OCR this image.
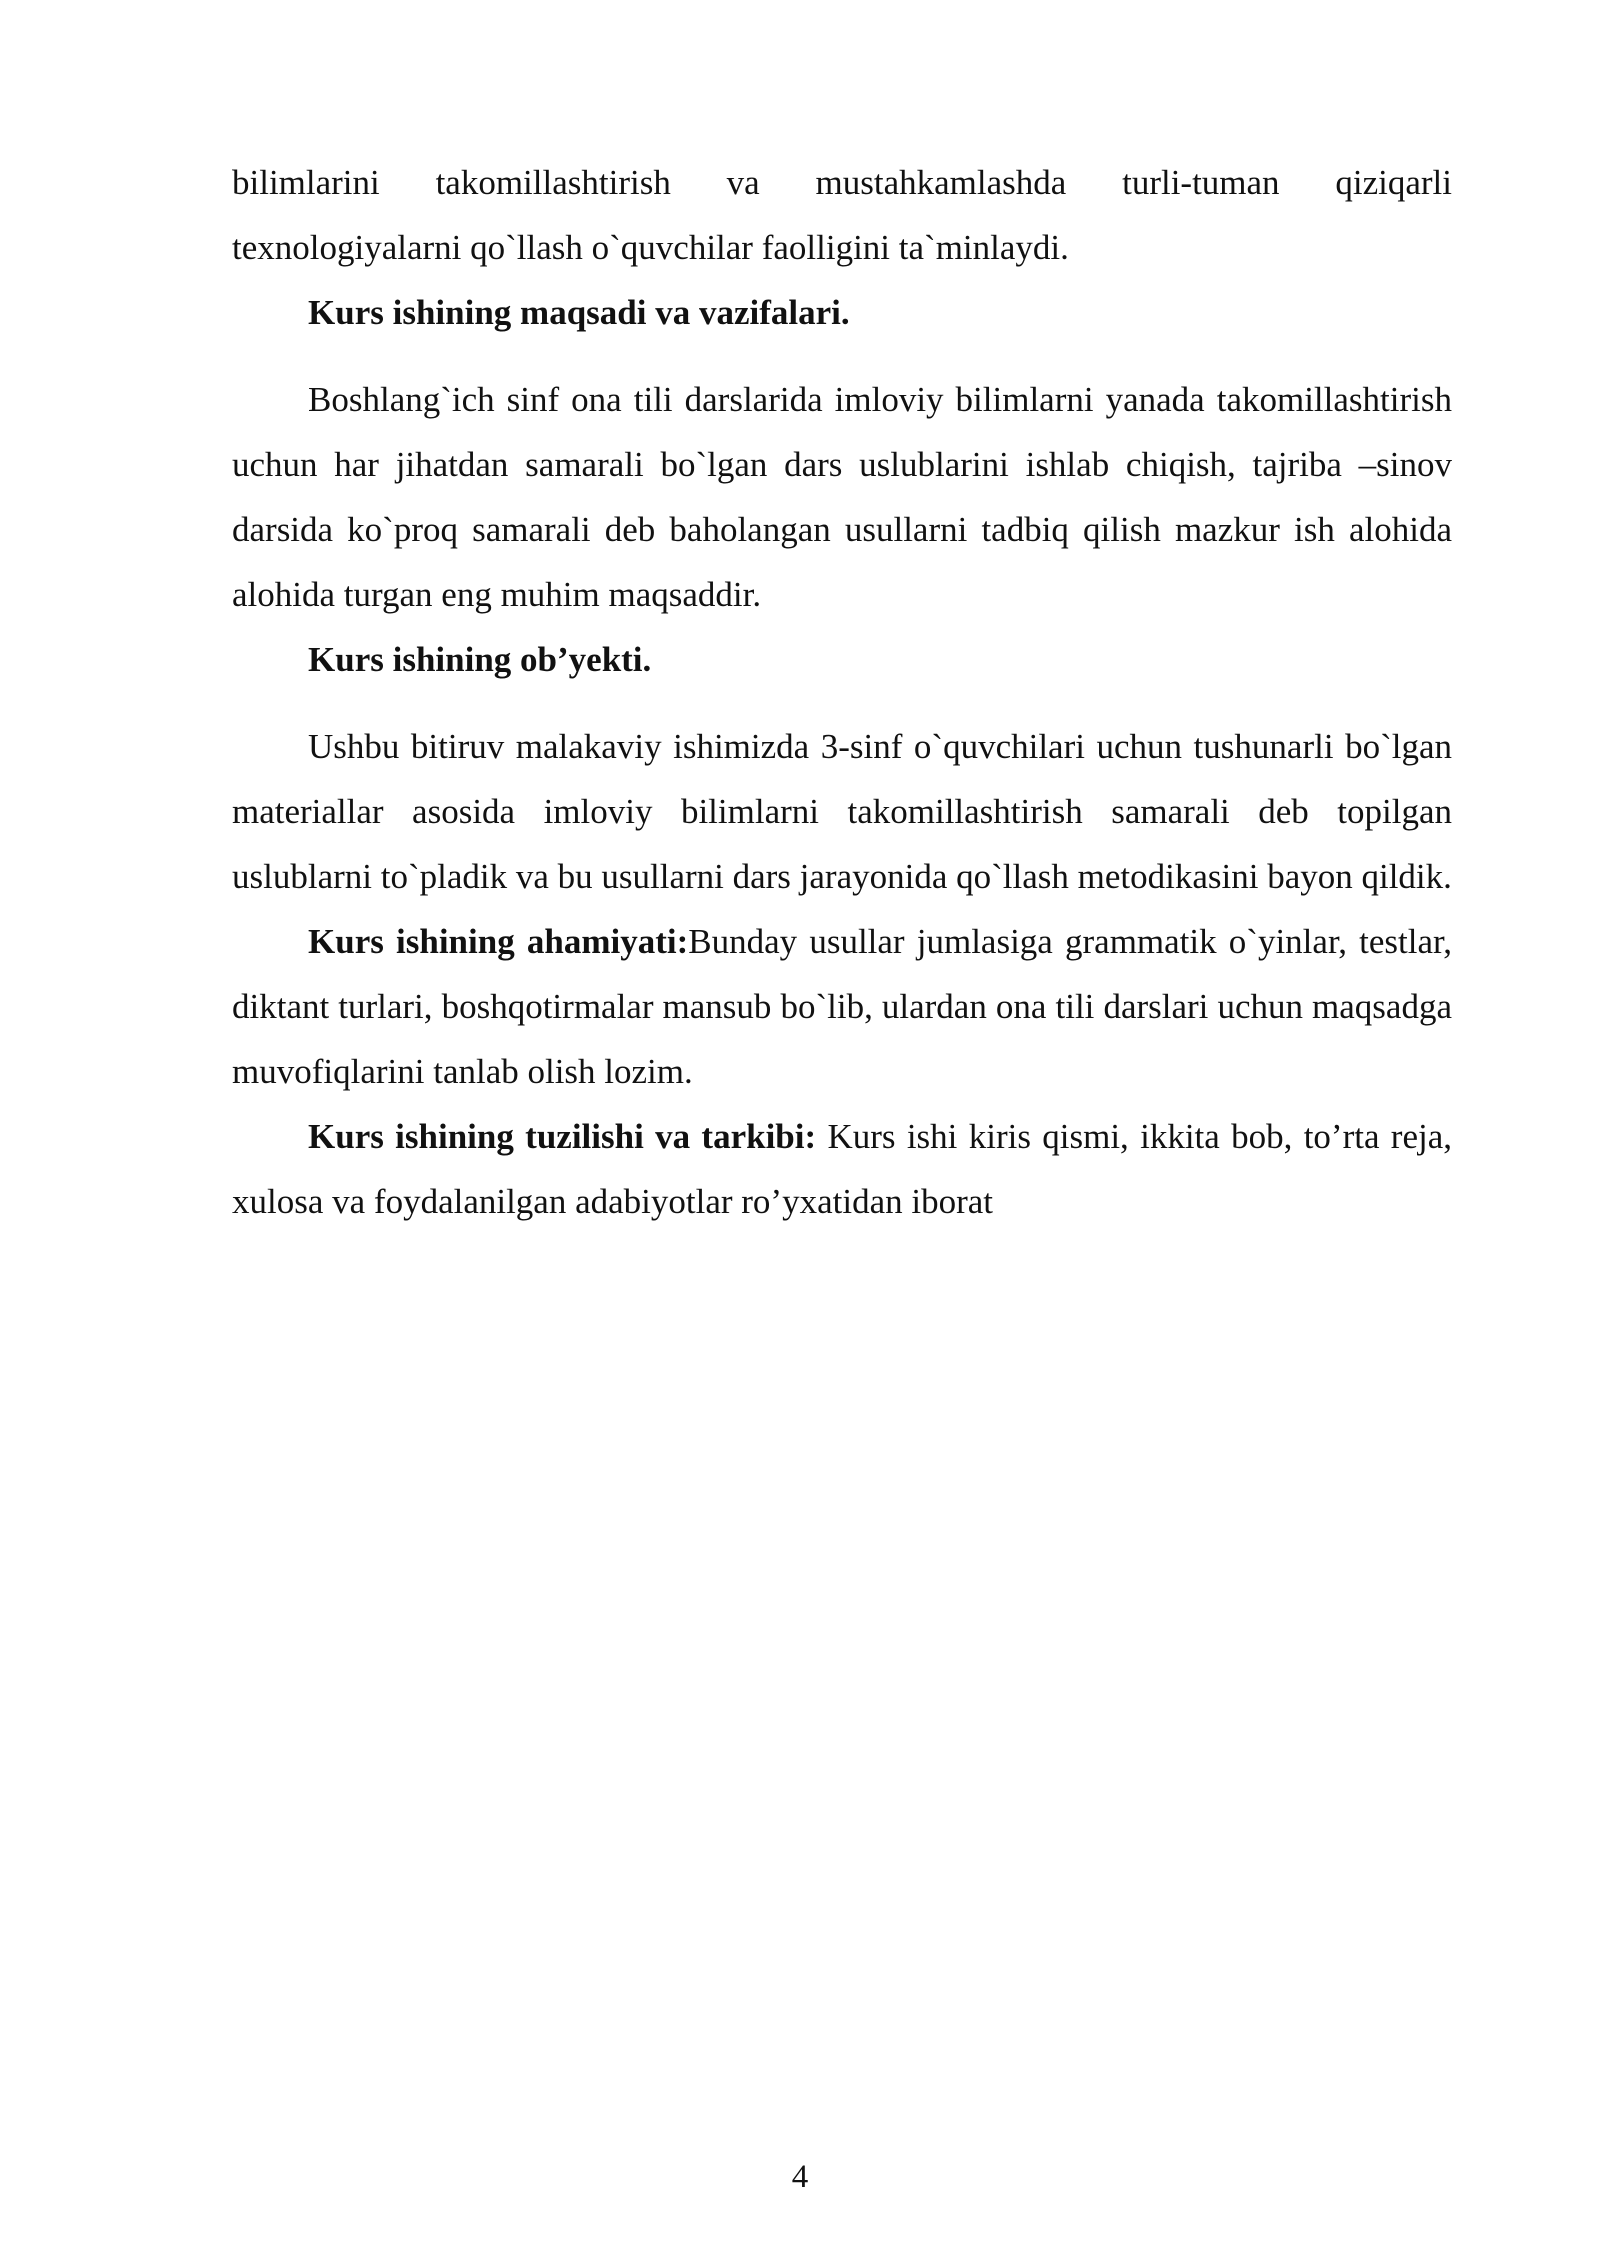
bilimlarini takomillashtirish va mustahkamlashda turli-tuman qiziqarli texnologiyalarni qo`llash o`quvchilar faolligini ta`minlaydi.

Kurs ishining maqsadi va vazifalari.

Boshlang`ich sinf ona tili darslarida imloviy bilimlarni yanada takomillashtirish uchun har jihatdan samarali bo`lgan dars uslublarini ishlab chiqish, tajriba –sinov darsida ko`proq samarali deb baholangan usullarni tadbiq qilish mazkur ish alohida alohida turgan eng muhim maqsaddir.

Kurs ishining ob’yekti.

Ushbu bitiruv malakaviy ishimizda 3-sinf o`quvchilari uchun tushunarli bo`lgan materiallar asosida imloviy bilimlarni takomillashtirish samarali deb topilgan uslublarni to`pladik va bu usullarni dars jarayonida qo`llash metodikasini bayon qildik.

Kurs ishining ahamiyati:Bunday usullar jumlasiga grammatik o`yinlar, testlar, diktant turlari, boshqotirmalar mansub bo`lib, ulardan ona tili darslari uchun maqsadga muvofiqlarini tanlab olish lozim.

Kurs ishining tuzilishi va tarkibi: Kurs ishi kiris qismi, ikkita bob, to’rta reja, xulosa va foydalanilgan adabiyotlar ro’yxatidan iborat

4
